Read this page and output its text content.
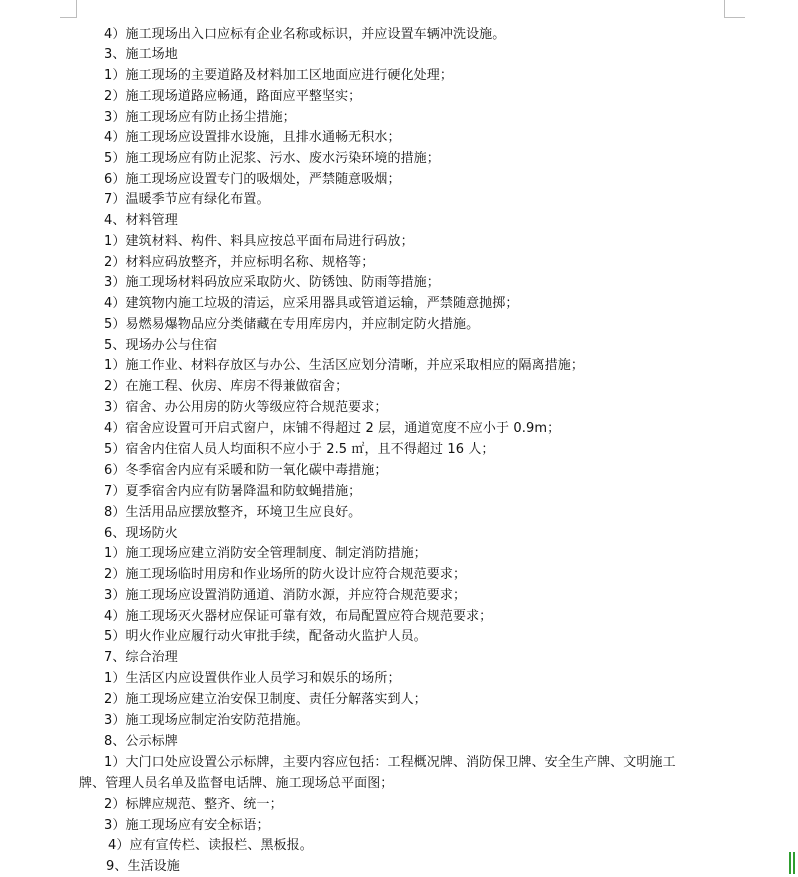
4）施工现场出入口应标有企业名称或标识，并应设置车辆冲洗设施。
3、施工场地
1）施工现场的主要道路及材料加工区地面应进行硬化处理；
2）施工现场道路应畅通，路面应平整坚实；
3）施工现场应有防止扬尘措施；
4）施工现场应设置排水设施，且排水通畅无积水；
5）施工现场应有防止泥浆、污水、废水污染环境的措施；
6）施工现场应设置专门的吸烟处，严禁随意吸烟；
7）温暖季节应有绿化布置。
4、材料管理
1）建筑材料、构件、料具应按总平面布局进行码放；
2）材料应码放整齐，并应标明名称、规格等；
3）施工现场材料码放应采取防火、防锈蚀、防雨等措施；
4）建筑物内施工垃圾的清运，应采用器具或管道运输，严禁随意抛掷；
5）易燃易爆物品应分类储藏在专用库房内，并应制定防火措施。
5、现场办公与住宿
1）施工作业、材料存放区与办公、生活区应划分清晰，并应采取相应的隔离措施；
2）在施工程、伙房、库房不得兼做宿舍；
3）宿舍、办公用房的防火等级应符合规范要求；
4）宿舍应设置可开启式窗户，床铺不得超过 2 层，通道宽度不应小于 0.9m；
5）宿舍内住宿人员人均面积不应小于 2.5 ㎡，且不得超过 16 人；
6）冬季宿舍内应有采暖和防一氧化碳中毒措施；
7）夏季宿舍内应有防暑降温和防蚊蝇措施；
8）生活用品应摆放整齐，环境卫生应良好。
6、现场防火
1）施工现场应建立消防安全管理制度、制定消防措施；
2）施工现场临时用房和作业场所的防火设计应符合规范要求；
3）施工现场应设置消防通道、消防水源，并应符合规范要求；
4）施工现场灭火器材应保证可靠有效，布局配置应符合规范要求；
5）明火作业应履行动火审批手续，配备动火监护人员。
7、综合治理
1）生活区内应设置供作业人员学习和娱乐的场所；
2）施工现场应建立治安保卫制度、责任分解落实到人；
3）施工现场应制定治安防范措施。
8、公示标牌
1）大门口处应设置公示标牌，主要内容应包括：工程概况牌、消防保卫牌、安全生产牌、文明施工
牌、管理人员名单及监督电话牌、施工现场总平面图；
2）标牌应规范、整齐、统一；
3）施工现场应有安全标语；
4）应有宣传栏、读报栏、黑板报。
9、生活设施
